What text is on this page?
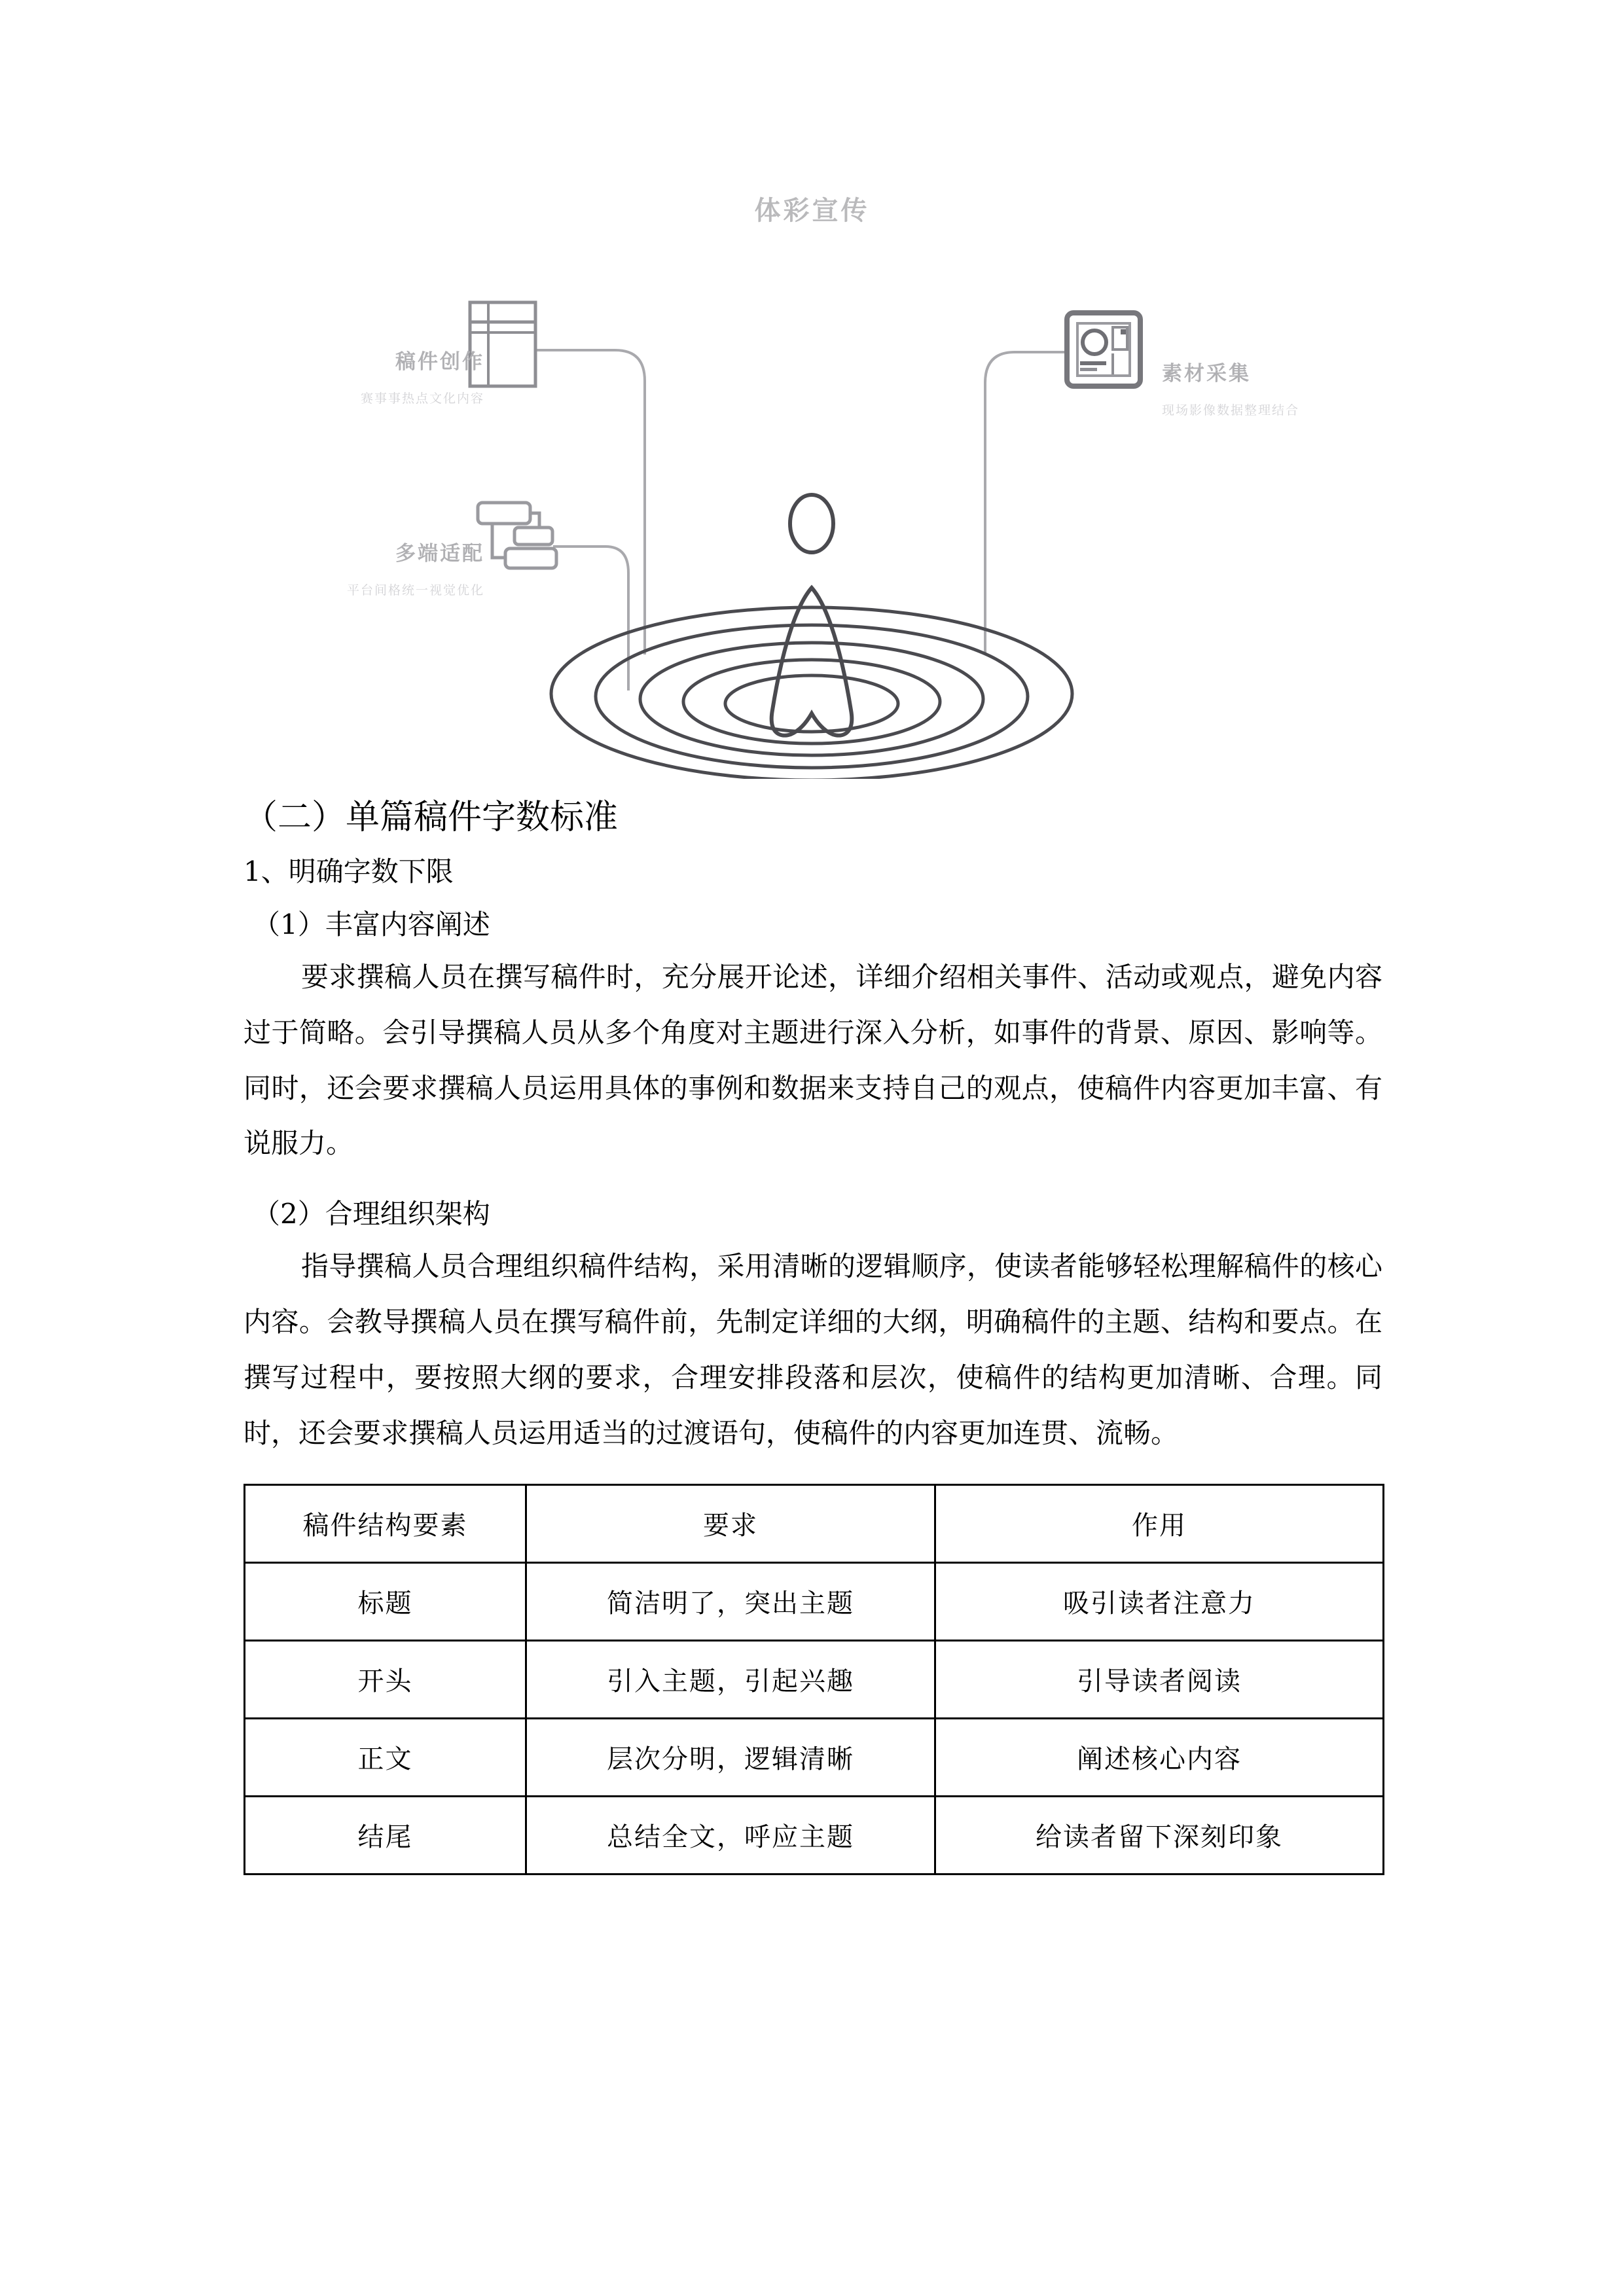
体彩宣传
稿件创作
赛事事热点文化内容
素材采集
现场影像数据整理结合
多端适配
平台间格统一视觉优化
（二）单篇稿件字数标准
1、明确字数下限
（1）丰富内容阐述
要求撰稿人员在撰写稿件时，充分展开论述，详细介绍相关事件、活动或观点，避免内容过于简略。会引导撰稿人员从多个角度对主题进行深入分析，如事件的背景、原因、影响等。同时，还会要求撰稿人员运用具体的事例和数据来支持自己的观点，使稿件内容更加丰富、有说服力。
（2）合理组织架构
指导撰稿人员合理组织稿件结构，采用清晰的逻辑顺序，使读者能够轻松理解稿件的核心内容。会教导撰稿人员在撰写稿件前，先制定详细的大纲，明确稿件的主题、结构和要点。在撰写过程中，要按照大纲的要求，合理安排段落和层次，使稿件的结构更加清晰、合理。同时，还会要求撰稿人员运用适当的过渡语句，使稿件的内容更加连贯、流畅。
稿件结构要素	要求	作用
标题	简洁明了，突出主题	吸引读者注意力
开头	引入主题，引起兴趣	引导读者阅读
正文	层次分明，逻辑清晰	阐述核心内容
结尾	总结全文，呼应主题	给读者留下深刻印象
